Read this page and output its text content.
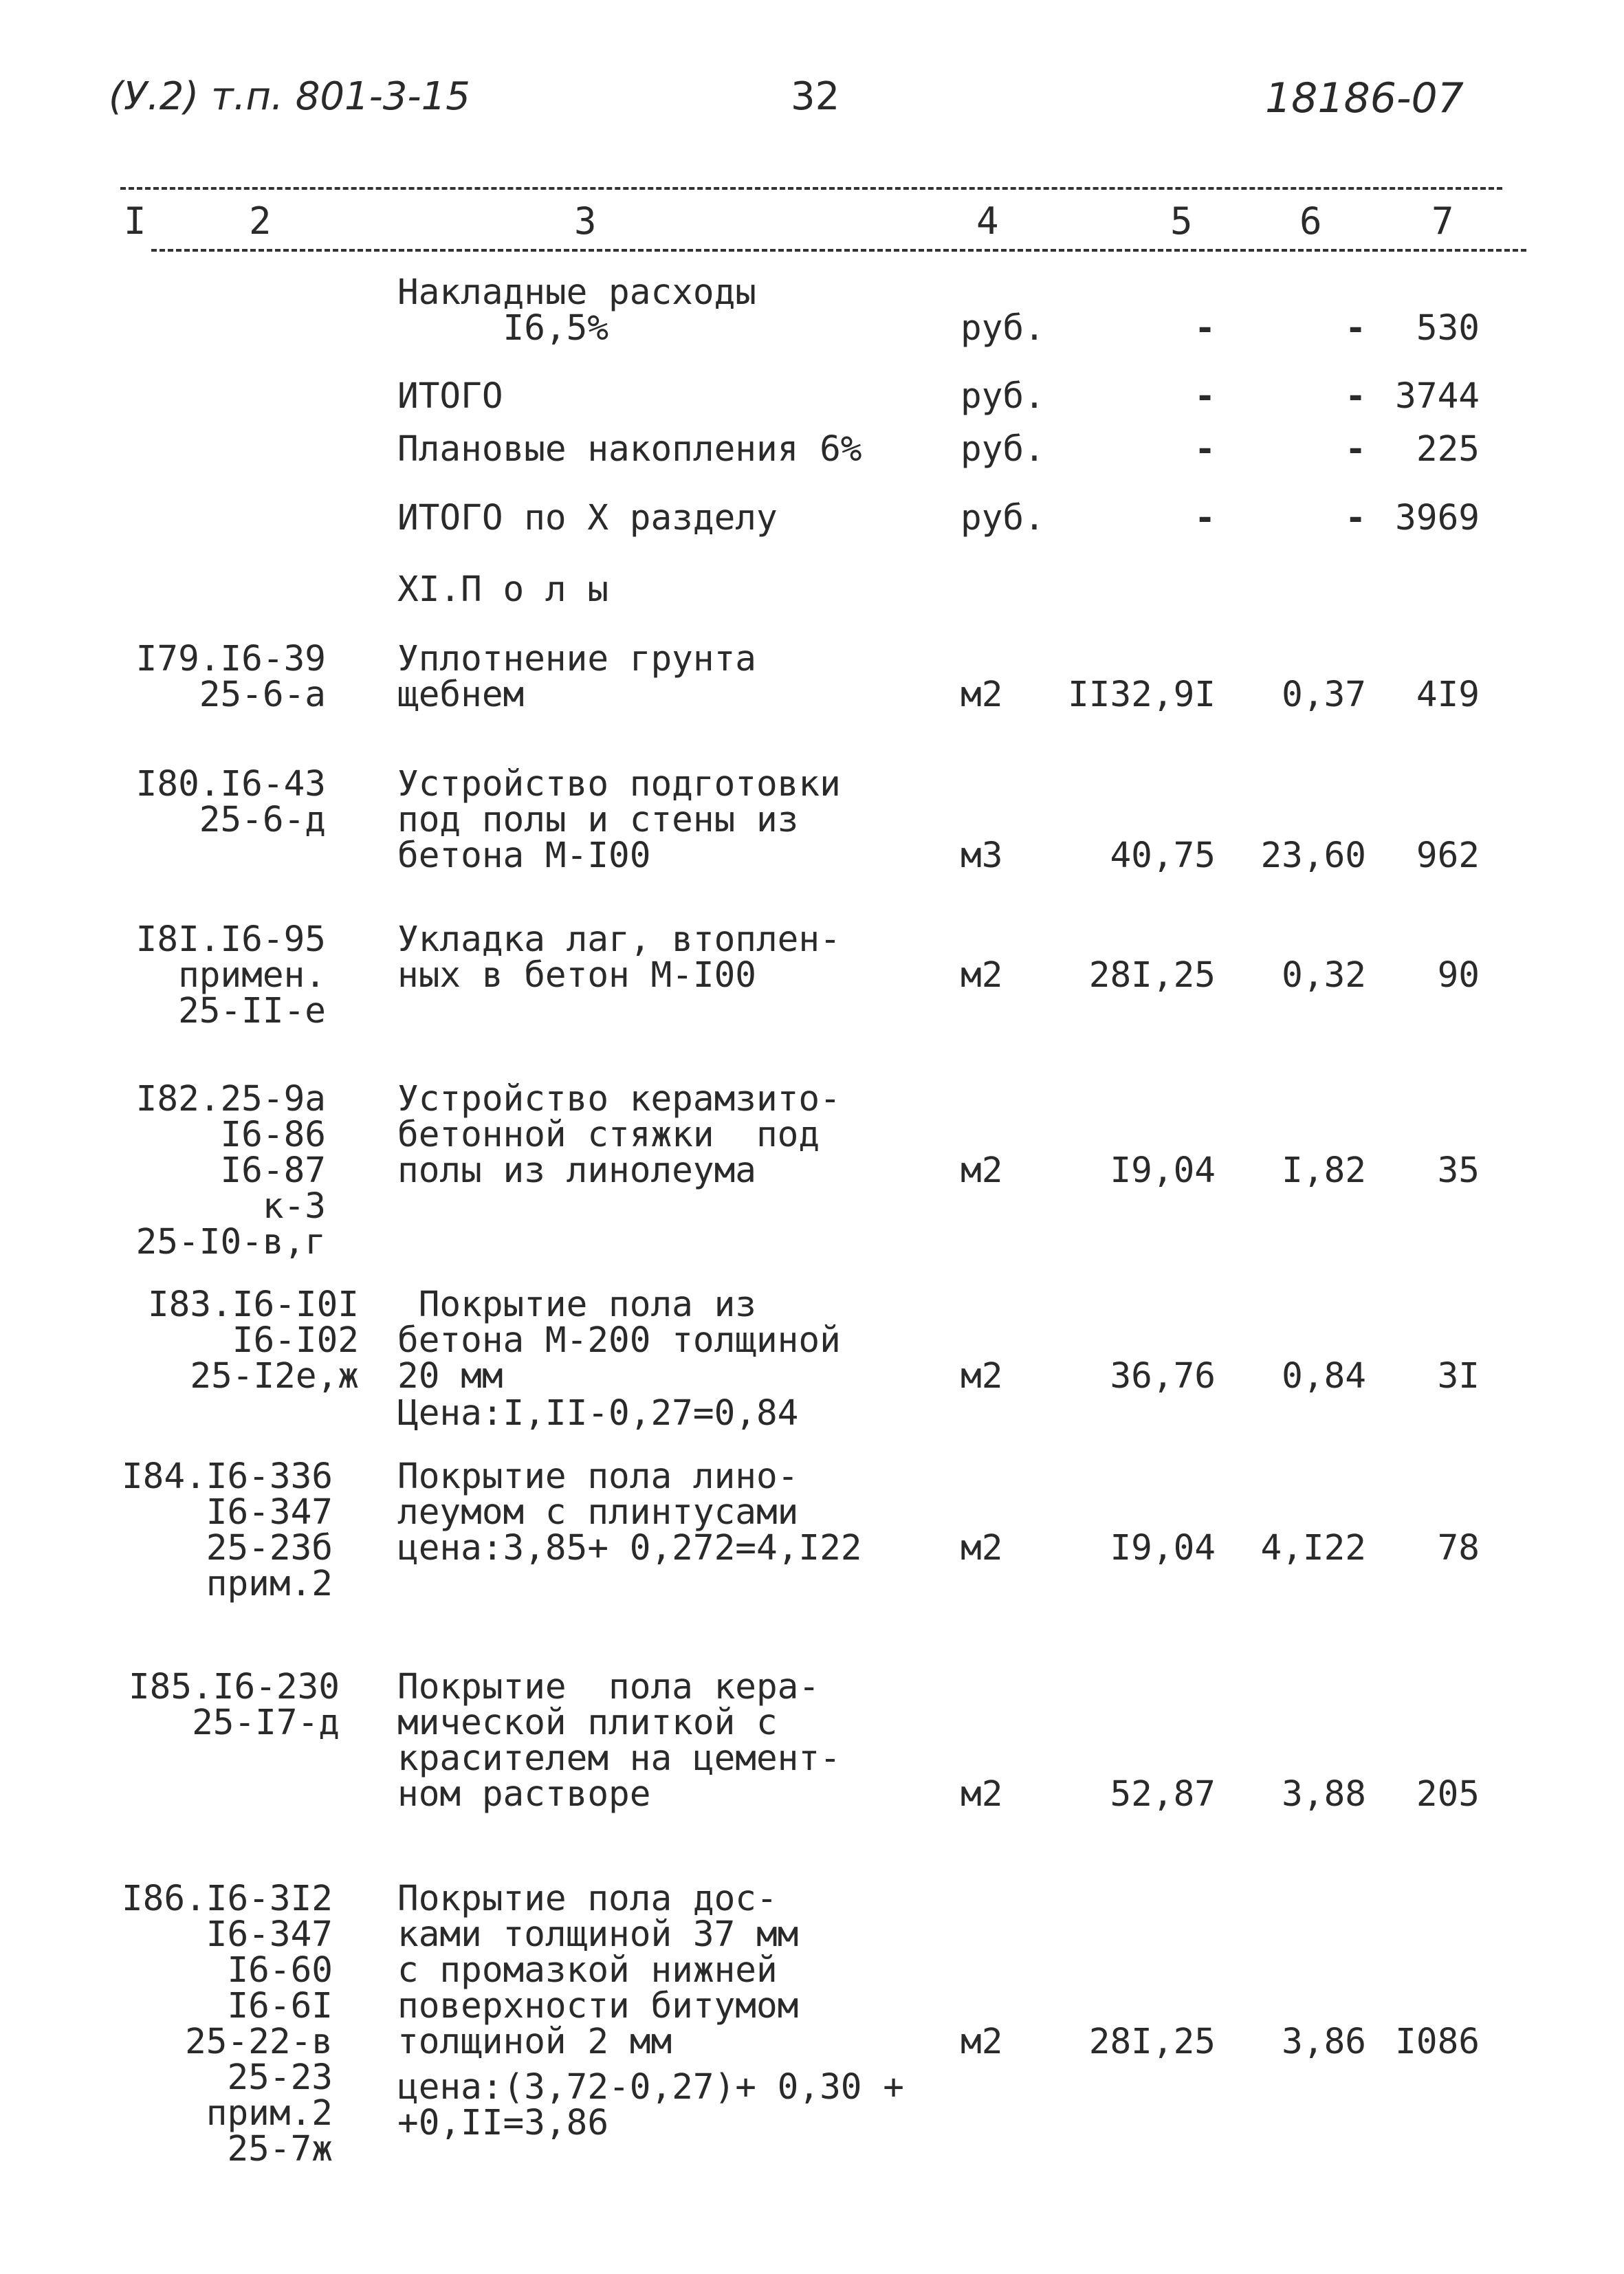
(У.2) т.п. 801-3-15	32	18186-07
I	2	3	4	5	6	7
Накладные расходы
I6,5%	руб.	-	- 530
ИТОГО	руб.	-	- 3744
Плановые накопления 6%	руб.	-	- 225
ИТОГО по Х разделу	руб.	-	- 3969
XI.П о л ы
I79.I6-39
25-6-а
Уплотнение грунта
щебнем	м2 II32,9I 0,37 4I9
I80.I6-43
25-6-д
Устройство подготовки
под полы и стены из
бетона М-I00	м3	40,75 23,60 962
I8I.I6-95
примен.
25-II-е
Укладка лаг, втоплен-
ных в бетон М-I00	м2 28I,25 0,32 90
I82.25-9а
I6-86
I6-87
к-3
25-I0-в,г
Устройство керамзито-
бетонной стяжки  под
полы из линолеума	м2	I9,04 I,82 35
I83.I6-I0I
I6-I02
25-I2е,ж
Покрытие пола из
бетона М-200 толщиной
20 мм
Цена:I,II-0,27=0,84
м2	36,76 0,84 3I
I84.I6-336
I6-347
25-23б
прим.2
Покрытие пола лино-
леумом с плинтусами
цена:3,85+ 0,272=4,I22	м2	I9,04 4,I22 78
I85.I6-230
25-I7-д
Покрытие  пола кера-
мической плиткой с
красителем на цемент-
ном растворе	м2	52,87 3,88 205
I86.I6-3I2
I6-347
I6-60
I6-6I
25-22-в
25-23
прим.2
25-7ж
Покрытие пола дос-
ками толщиной 37 мм
с промазкой нижней
поверхности битумом
толщиной 2 мм
цена:(3,72-0,27)+ 0,30 +
+0,II=3,86
м2 28I,25 3,86 I086
